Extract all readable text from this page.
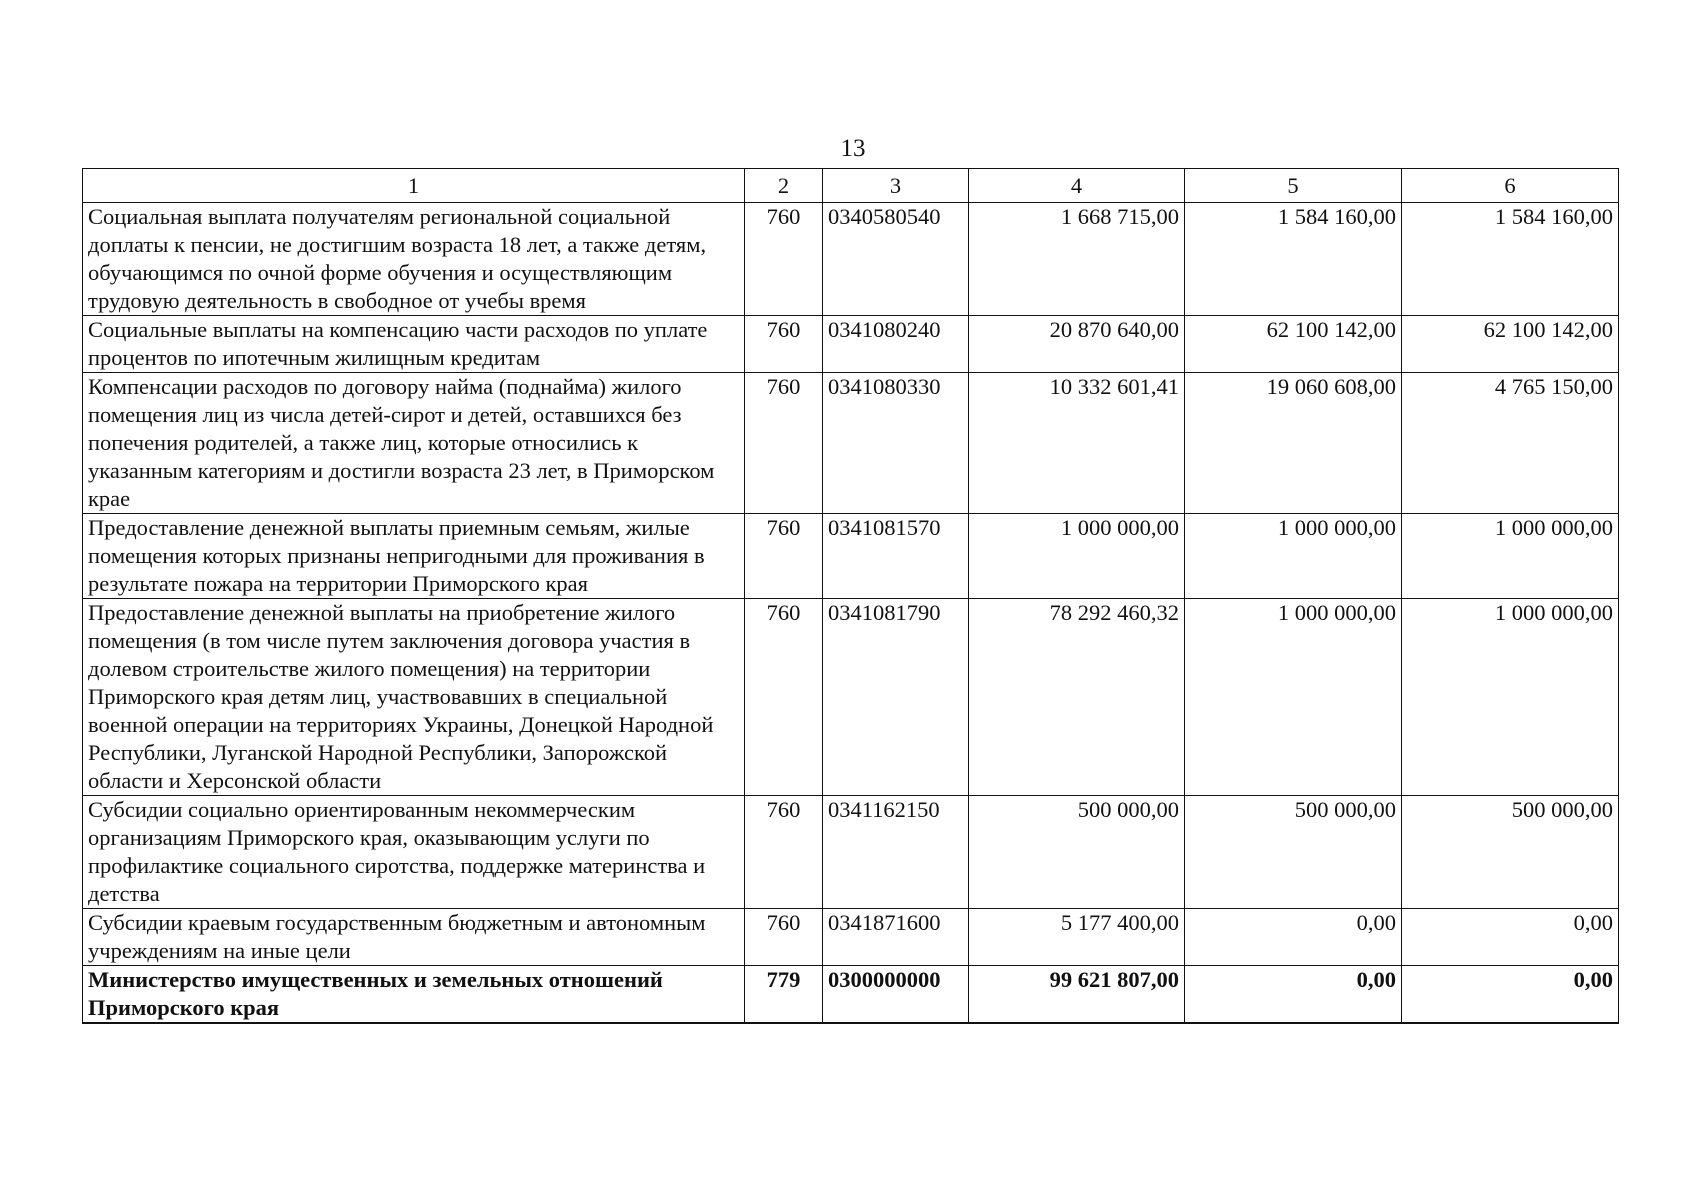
13
1	2	3	4	5	6
Социальная выплата получателям региональной социальной доплаты к пенсии, не достигшим возраста 18 лет, а также детям, обучающимся по очной форме обучения и осуществляющим трудовую деятельность в свободное от учебы время	760	0340580540	1 668 715,00	1 584 160,00	1 584 160,00
Социальные выплаты на компенсацию части расходов по уплате процентов по ипотечным жилищным кредитам	760	0341080240	20 870 640,00	62 100 142,00	62 100 142,00
Компенсации расходов по договору найма (поднайма) жилого помещения лиц из числа детей-сирот и детей, оставшихся без попечения родителей, а также лиц, которые относились к указанным категориям и достигли возраста 23 лет, в Приморском крае	760	0341080330	10 332 601,41	19 060 608,00	4 765 150,00
Предоставление денежной выплаты приемным семьям, жилые помещения которых признаны непригодными для проживания в результате пожара на территории Приморского края	760	0341081570	1 000 000,00	1 000 000,00	1 000 000,00
Предоставление денежной выплаты на приобретение жилого помещения (в том числе путем заключения договора участия в долевом строительстве жилого помещения) на территории Приморского края детям лиц, участвовавших в специальной военной операции на территориях Украины, Донецкой Народной Республики, Луганской Народной Республики, Запорожской области и Херсонской области	760	0341081790	78 292 460,32	1 000 000,00	1 000 000,00
Субсидии социально ориентированным некоммерческим организациям Приморского края, оказывающим услуги по профилактике социального сиротства, поддержке материнства и детства	760	0341162150	500 000,00	500 000,00	500 000,00
Субсидии краевым государственным бюджетным и автономным учреждениям на иные цели	760	0341871600	5 177 400,00	0,00	0,00
Министерство имущественных и земельных отношений Приморского края	779	0300000000	99 621 807,00	0,00	0,00
